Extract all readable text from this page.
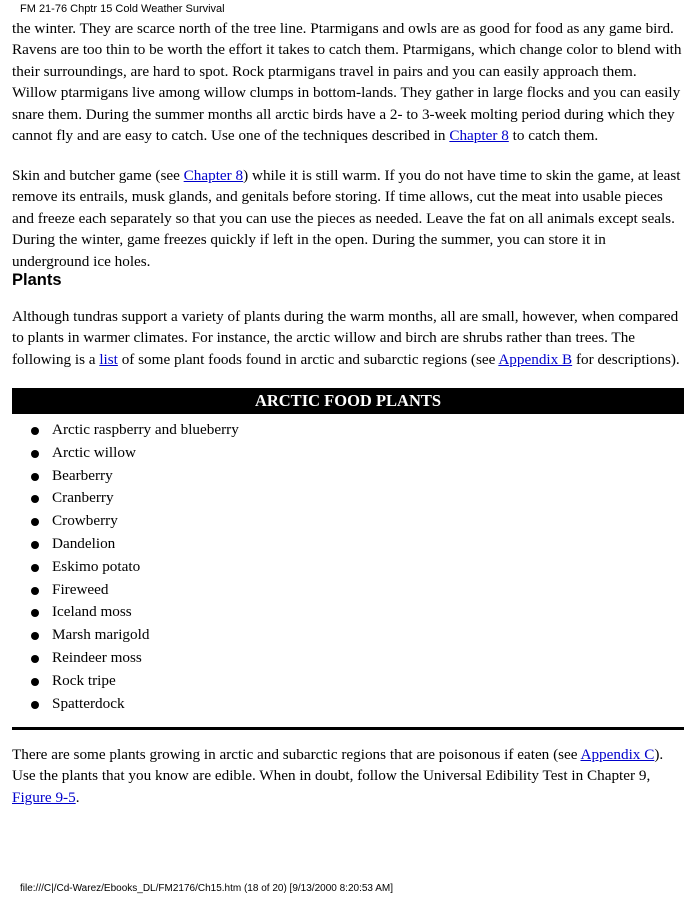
FM 21-76 Chptr 15 Cold Weather Survival

the winter. They are scarce north of the tree line. Ptarmigans and owls are as good for food as any game bird. Ravens are too thin to be worth the effort it takes to catch them. Ptarmigans, which change color to blend with their surroundings, are hard to spot. Rock ptarmigans travel in pairs and you can easily approach them. Willow ptarmigans live among willow clumps in bottom-lands. They gather in large flocks and you can easily snare them. During the summer months all arctic birds have a 2- to 3-week molting period during which they cannot fly and are easy to catch. Use one of the techniques described in Chapter 8 to catch them.

Skin and butcher game (see Chapter 8) while it is still warm. If you do not have time to skin the game, at least remove its entrails, musk glands, and genitals before storing. If time allows, cut the meat into usable pieces and freeze each separately so that you can use the pieces as needed. Leave the fat on all animals except seals. During the winter, game freezes quickly if left in the open. During the summer, you can store it in underground ice holes.

Plants

Although tundras support a variety of plants during the warm months, all are small, however, when compared to plants in warmer climates. For instance, the arctic willow and birch are shrubs rather than trees. The following is a list of some plant foods found in arctic and subarctic regions (see Appendix B for descriptions).

ARCTIC FOOD PLANTS
Arctic raspberry and blueberry
Arctic willow
Bearberry
Cranberry
Crowberry
Dandelion
Eskimo potato
Fireweed
Iceland moss
Marsh marigold
Reindeer moss
Rock tripe
Spatterdock

There are some plants growing in arctic and subarctic regions that are poisonous if eaten (see Appendix C). Use the plants that you know are edible. When in doubt, follow the Universal Edibility Test in Chapter 9, Figure 9-5.

file:///C|/Cd-Warez/Ebooks_DL/FM2176/Ch15.htm (18 of 20) [9/13/2000 8:20:53 AM]
